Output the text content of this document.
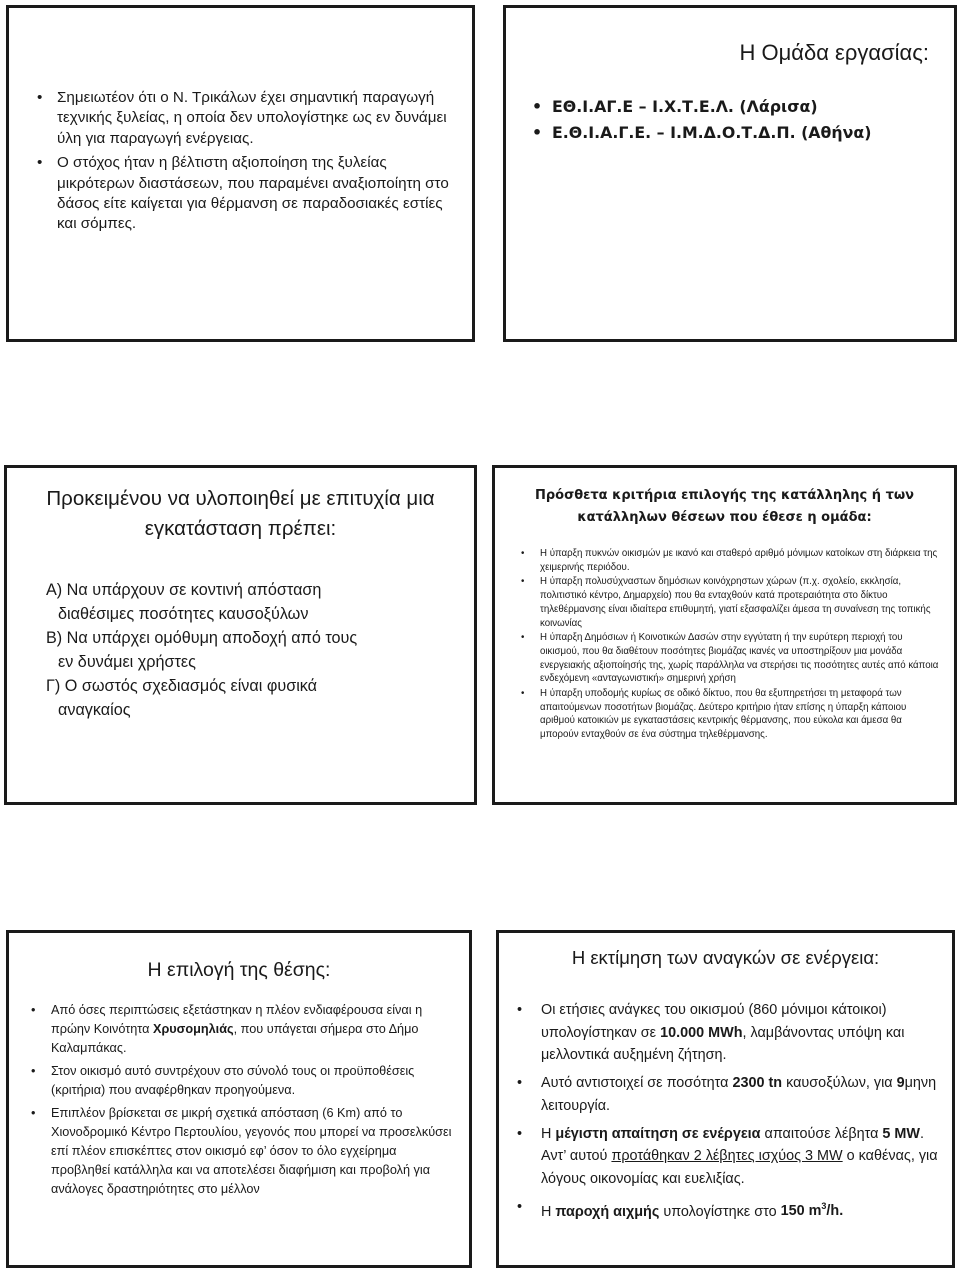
• Σημειωτέον ότι ο Ν. Τρικάλων έχει σημαντική παραγωγή τεχνικής ξυλείας, η οποία δεν υπολογίστηκε ως εν δυνάμει ύλη για παραγωγή ενέργειας.
• Ο στόχος ήταν η βέλτιστη αξιοποίηση της ξυλείας μικρότερων διαστάσεων, που παραμένει αναξιοποίητη στο δάσος είτε καίγεται για θέρμανση σε παραδοσιακές εστίες και σόμπες.
Η Ομάδα εργασίας:
• ΕΘ.Ι.ΑΓ.Ε – Ι.Χ.Τ.Ε.Λ. (Λάρισα)
• Ε.Θ.Ι.Α.Γ.Ε. – Ι.Μ.Δ.Ο.Τ.Δ.Π. (Αθήνα)
Προκειμένου να υλοποιηθεί με επιτυχία μια εγκατάσταση πρέπει:

Α) Να υπάρχουν σε κοντινή απόσταση

διαθέσιμες ποσότητες καυσοξύλων

Β) Να υπάρχει ομόθυμη αποδοχή από τους

εν δυνάμει χρήστες

Γ) Ο σωστός σχεδιασμός είναι φυσικά

αναγκαίος

Πρόσθετα κριτήρια επιλογής της κατάλληλης ή των κατάλληλων θέσεων που έθεσε η ομάδα:
• Η ύπαρξη πυκνών οικισμών με ικανό και σταθερό αριθμό μόνιμων κατοίκων στη διάρκεια της χειμερινής περιόδου.
• Η ύπαρξη πολυσύχναστων δημόσιων κοινόχρηστων χώρων (π.χ. σχολείο, εκκλησία, πολιτιστικό κέντρο, Δημαρχείο) που θα ενταχθούν κατά προτεραιότητα στο δίκτυο τηλεθέρμανσης είναι ιδιαίτερα επιθυμητή, γιατί εξασφαλίζει άμεσα τη συναίνεση της τοπικής κοινωνίας
• Η ύπαρξη Δημόσιων ή Κοινοτικών Δασών στην εγγύτατη ή την ευρύτερη περιοχή του οικισμού, που θα διαθέτουν ποσότητες βιομάζας ικανές να υποστηρίξουν μια μονάδα ενεργειακής αξιοποίησής της, χωρίς παράλληλα να στερήσει τις ποσότητες αυτές από κάποια ενδεχόμενη «ανταγωνιστική» σημερινή χρήση
• Η ύπαρξη υποδομής κυρίως σε οδικό δίκτυο, που θα εξυπηρετήσει τη μεταφορά των απαιτούμενων ποσοτήτων βιομάζας. Δεύτερο κριτήριο ήταν επίσης η ύπαρξη κάποιου αριθμού κατοικιών με εγκαταστάσεις κεντρικής θέρμανσης, που εύκολα και άμεσα θα μπορούν ενταχθούν σε ένα σύστημα τηλεθέρμανσης.
Η επιλογή της θέσης:
• Από όσες περιπτώσεις εξετάστηκαν η πλέον ενδιαφέρουσα είναι η πρώην Κοινότητα Χρυσομηλιάς, που υπάγεται σήμερα στο Δήμο Καλαμπάκας.
• Στον οικισμό αυτό συντρέχουν στο σύνολό τους οι προϋποθέσεις (κριτήρια) που αναφέρθηκαν προηγούμενα.
• Επιπλέον βρίσκεται σε μικρή σχετικά απόσταση (6 Km) από το Χιονοδρομικό Κέντρο Περτουλίου, γεγονός που μπορεί να προσελκύσει επί πλέον επισκέπτες στον οικισμό εφ’ όσον το όλο εγχείρημα προβληθεί κατάλληλα και να αποτελέσει διαφήμιση και προβολή για ανάλογες δραστηριότητες στο μέλλον
Η εκτίμηση των αναγκών σε ενέργεια:
• Οι ετήσιες ανάγκες του οικισμού (860 μόνιμοι κάτοικοι) υπολογίστηκαν σε 10.000 MWh, λαμβάνοντας υπόψη και μελλοντικά αυξημένη ζήτηση.
• Αυτό αντιστοιχεί σε ποσότητα 2300 tn καυσοξύλων, για 9μηνη λειτουργία.
• Η μέγιστη απαίτηση σε ενέργεια απαιτούσε λέβητα 5 MW. Αντ’ αυτού προτάθηκαν 2 λέβητες ισχύος 3 MW ο καθένας, για λόγους οικονομίας και ευελιξίας.
• Η παροχή αιχμής υπολογίστηκε στο 150 $m^3/h$.
